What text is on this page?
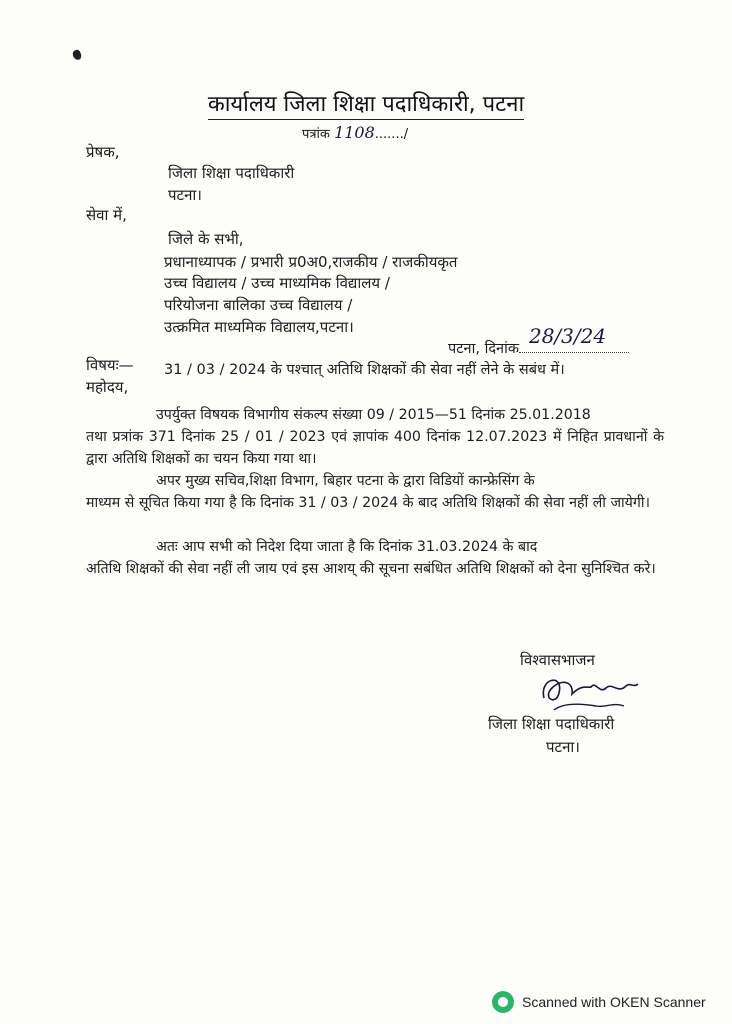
कार्यालय जिला शिक्षा पदाधिकारी, पटना
पत्रांक 1108......./
प्रेषक,
जिला शिक्षा पदाधिकारी
पटना।
सेवा में,
जिले के सभी,
प्रधानाध्यापक / प्रभारी प्र0अ0,राजकीय / राजकीयकृत
उच्च विद्यालय / उच्च माध्यमिक विद्यालय /
परियोजना बालिका उच्च विद्यालय /
उत्क्रमित माध्यमिक विद्यालय,पटना।
पटना, दिनांक
28/3/24
विषयः— 31 / 03 / 2024 के पश्चात् अतिथि शिक्षकों की सेवा नहीं लेने के सबंध में।
महोदय,
उपर्युक्त विषयक विभागीय संकल्प संख्या 09 / 2015—51 दिनांक 25.01.2018
तथा प्रत्रांक 371 दिनांक 25 / 01 / 2023 एवं ज्ञापांक 400 दिनांक 12.07.2023 में निहित प्रावधानों के द्वारा अतिथि शिक्षकों का चयन किया गया था।
अपर मुख्य सचिव,शिक्षा विभाग, बिहार पटना के द्वारा विडियों कान्फ्रेसिंग के
माध्यम से सूचित किया गया है कि दिनांक 31 / 03 / 2024 के बाद अतिथि शिक्षकों की सेवा नहीं ली जायेगी।
अतः आप सभी को निदेश दिया जाता है कि दिनांक 31.03.2024 के बाद
अतिथि शिक्षकों की सेवा नहीं ली जाय एवं इस आशय् की सूचना सबंधित अतिथि शिक्षकों को देना सुनिश्चित करे।
विश्वासभाजन
जिला शिक्षा पदाधिकारी
पटना।
Scanned with OKEN Scanner
